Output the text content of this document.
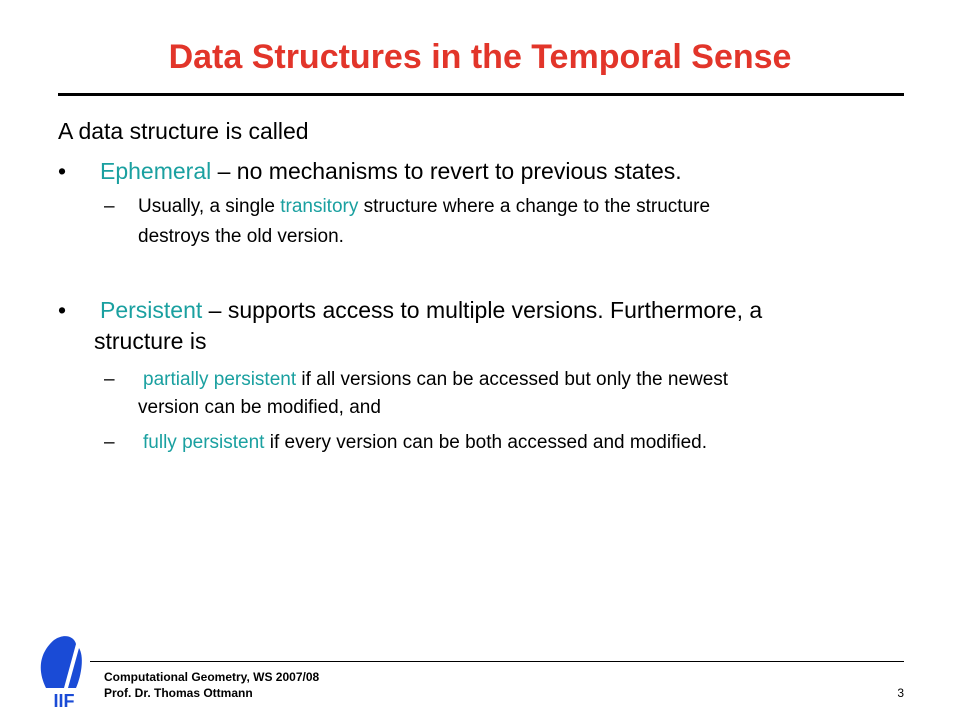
Data Structures in the Temporal Sense

A data structure is called

• Ephemeral – no mechanisms to revert to previous states.

– Usually, a single transitory structure where a change to the structure

destroys the old version.

• Persistent – supports access to multiple versions. Furthermore, a

structure is

– partially persistent if all versions can be accessed but only the newest

version can be modified, and

– fully persistent if every version can be both accessed and modified.

IIF

Computational Geometry, WS 2007/08

Prof. Dr. Thomas Ottmann	3
